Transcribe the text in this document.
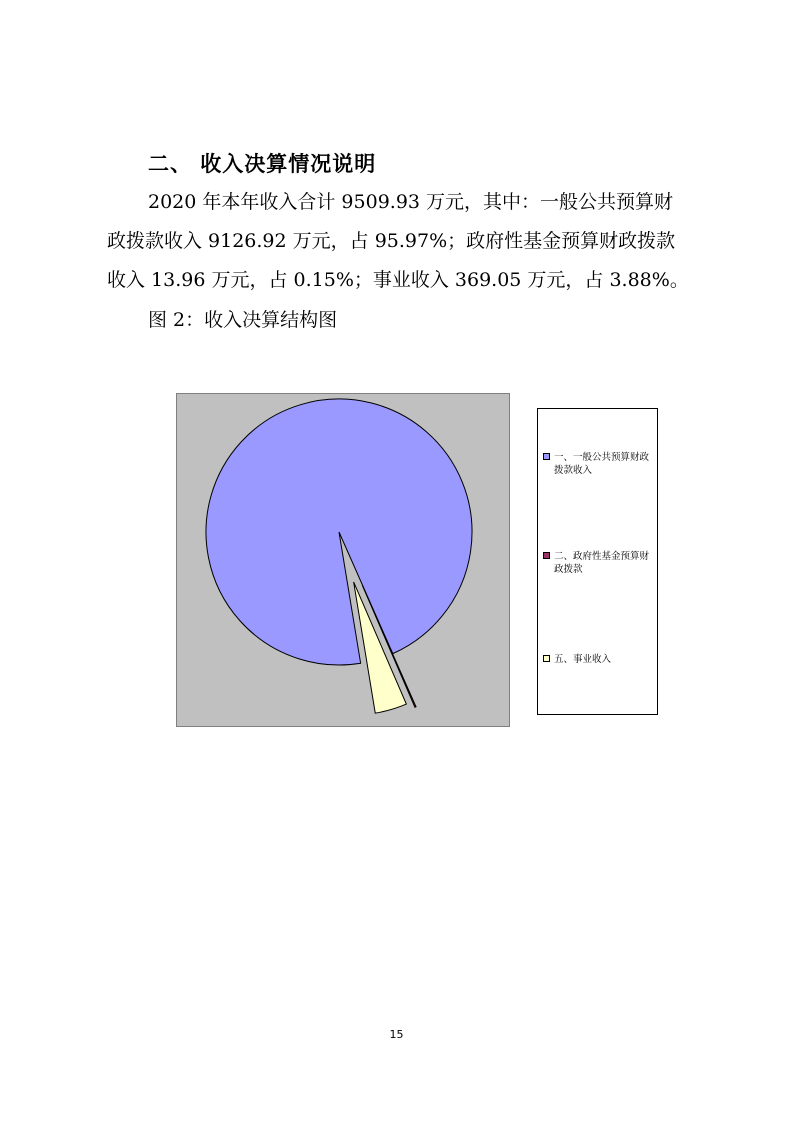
二、 收入决算情况说明
2020 年本年收入合计 9509.93 万元，其中：一般公共预算财
政拨款收入 9126.92 万元，占 95.97%；政府性基金预算财政拨款
收入 13.96 万元，占 0.15%；事业收入 369.05 万元，占 3.88%。
图 2：收入决算结构图
一、一般公共预算财政拨款收入
二、政府性基金预算财政拨款
五、事业收入
15
